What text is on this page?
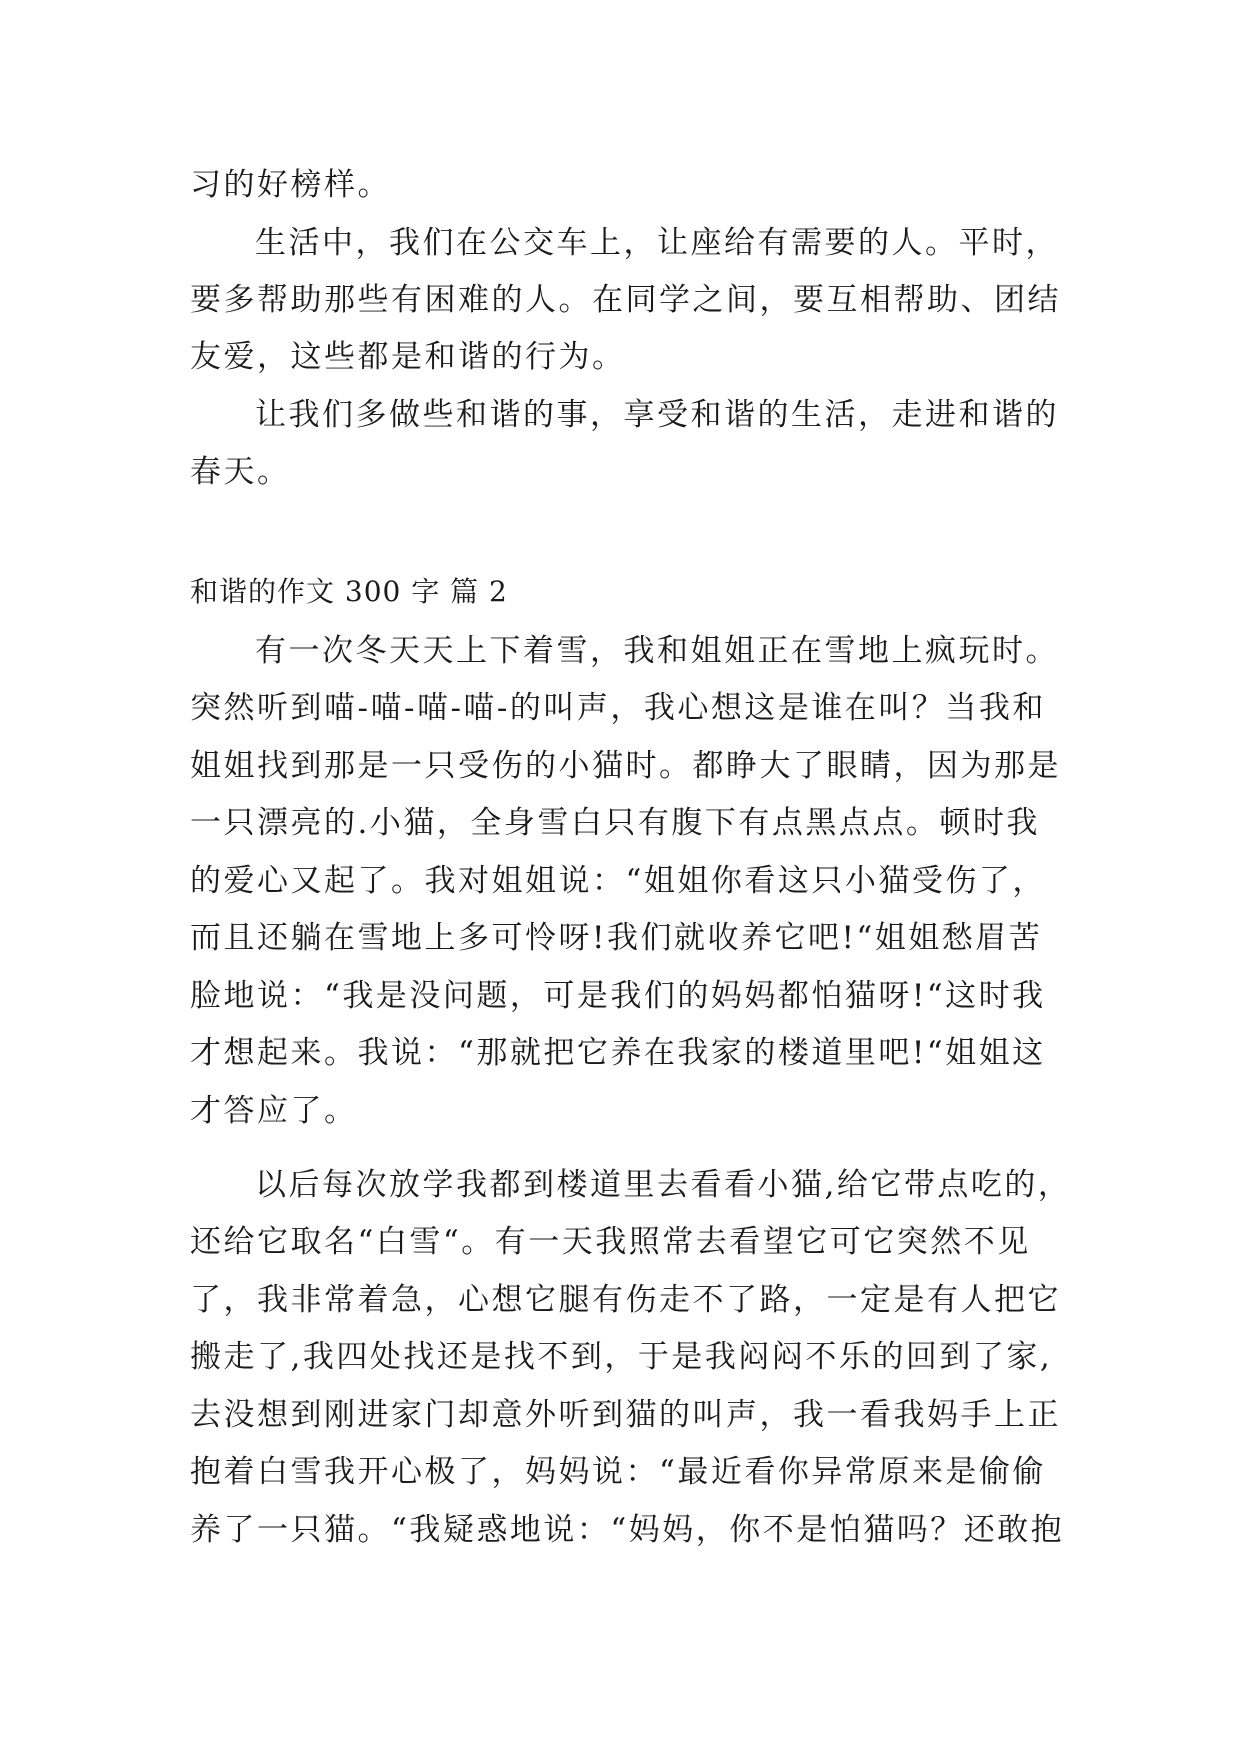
习的好榜样。
生活中，我们在公交车上，让座给有需要的人。平时，
要多帮助那些有困难的人。在同学之间，要互相帮助、团结
友爱，这些都是和谐的行为。
让我们多做些和谐的事，享受和谐的生活，走进和谐的
春天。
和谐的作文 300 字 篇 2
有一次冬天天上下着雪，我和姐姐正在雪地上疯玩时。
突然听到喵-喵-喵-喵-的叫声，我心想这是谁在叫？当我和
姐姐找到那是一只受伤的小猫时。都睁大了眼睛，因为那是
一只漂亮的.小猫，全身雪白只有腹下有点黑点点。顿时我
的爱心又起了。我对姐姐说：“姐姐你看这只小猫受伤了，
而且还躺在雪地上多可怜呀!我们就收养它吧!“姐姐愁眉苦
脸地说：“我是没问题，可是我们的妈妈都怕猫呀!“这时我
才想起来。我说：“那就把它养在我家的楼道里吧!“姐姐这
才答应了。
以后每次放学我都到楼道里去看看小猫,给它带点吃的，
还给它取名“白雪“。有一天我照常去看望它可它突然不见
了，我非常着急，心想它腿有伤走不了路，一定是有人把它
搬走了,我四处找还是找不到，于是我闷闷不乐的回到了家,
去没想到刚进家门却意外听到猫的叫声，我一看我妈手上正
抱着白雪我开心极了，妈妈说：“最近看你异常原来是偷偷
养了一只猫。“我疑惑地说：“妈妈，你不是怕猫吗？还敢抱
